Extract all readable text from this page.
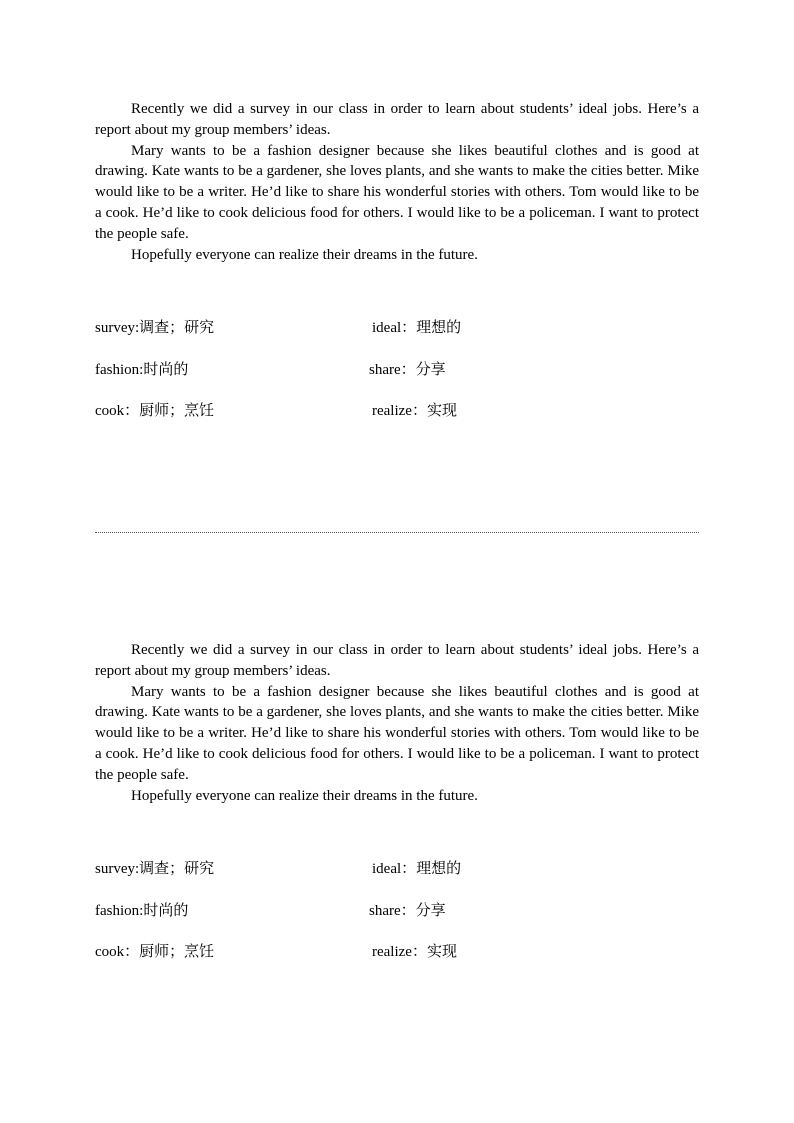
Recently we did a survey in our class in order to learn about students’ ideal jobs. Here’s a report about my group members’ ideas.

Mary wants to be a fashion designer because she likes beautiful clothes and is good at drawing. Kate wants to be a gardener, she loves plants, and she wants to make the cities better. Mike would like to be a writer. He’d like to share his wonderful stories with others. Tom would like to be a cook. He’d like to cook delicious food for others. I would like to be a policeman. I want to protect the people safe.

Hopefully everyone can realize their dreams in the future.

survey:调查；研究	ideal：理想的
fashion:时尚的	share：分享
cook：厨师；烹饪	realize：实现

Recently we did a survey in our class in order to learn about students’ ideal jobs. Here’s a report about my group members’ ideas.

Mary wants to be a fashion designer because she likes beautiful clothes and is good at drawing. Kate wants to be a gardener, she loves plants, and she wants to make the cities better. Mike would like to be a writer. He’d like to share his wonderful stories with others. Tom would like to be a cook. He’d like to cook delicious food for others. I would like to be a policeman. I want to protect the people safe.

Hopefully everyone can realize their dreams in the future.

survey:调查；研究	ideal：理想的
fashion:时尚的	share：分享
cook：厨师；烹饪	realize：实现
